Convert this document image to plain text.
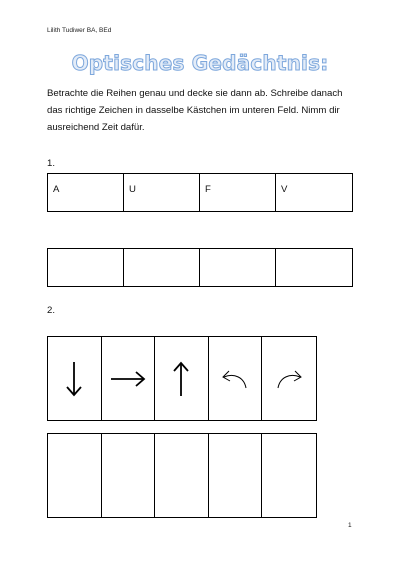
Lilith Tudiwer BA, BEd
Optisches Gedächtnis:
Betrachte die Reihen genau und decke sie dann ab. Schreibe danach das richtige Zeichen in dasselbe Kästchen im unteren Feld. Nimm dir ausreichend Zeit dafür.
1.
A	U	F	V
2.
1
